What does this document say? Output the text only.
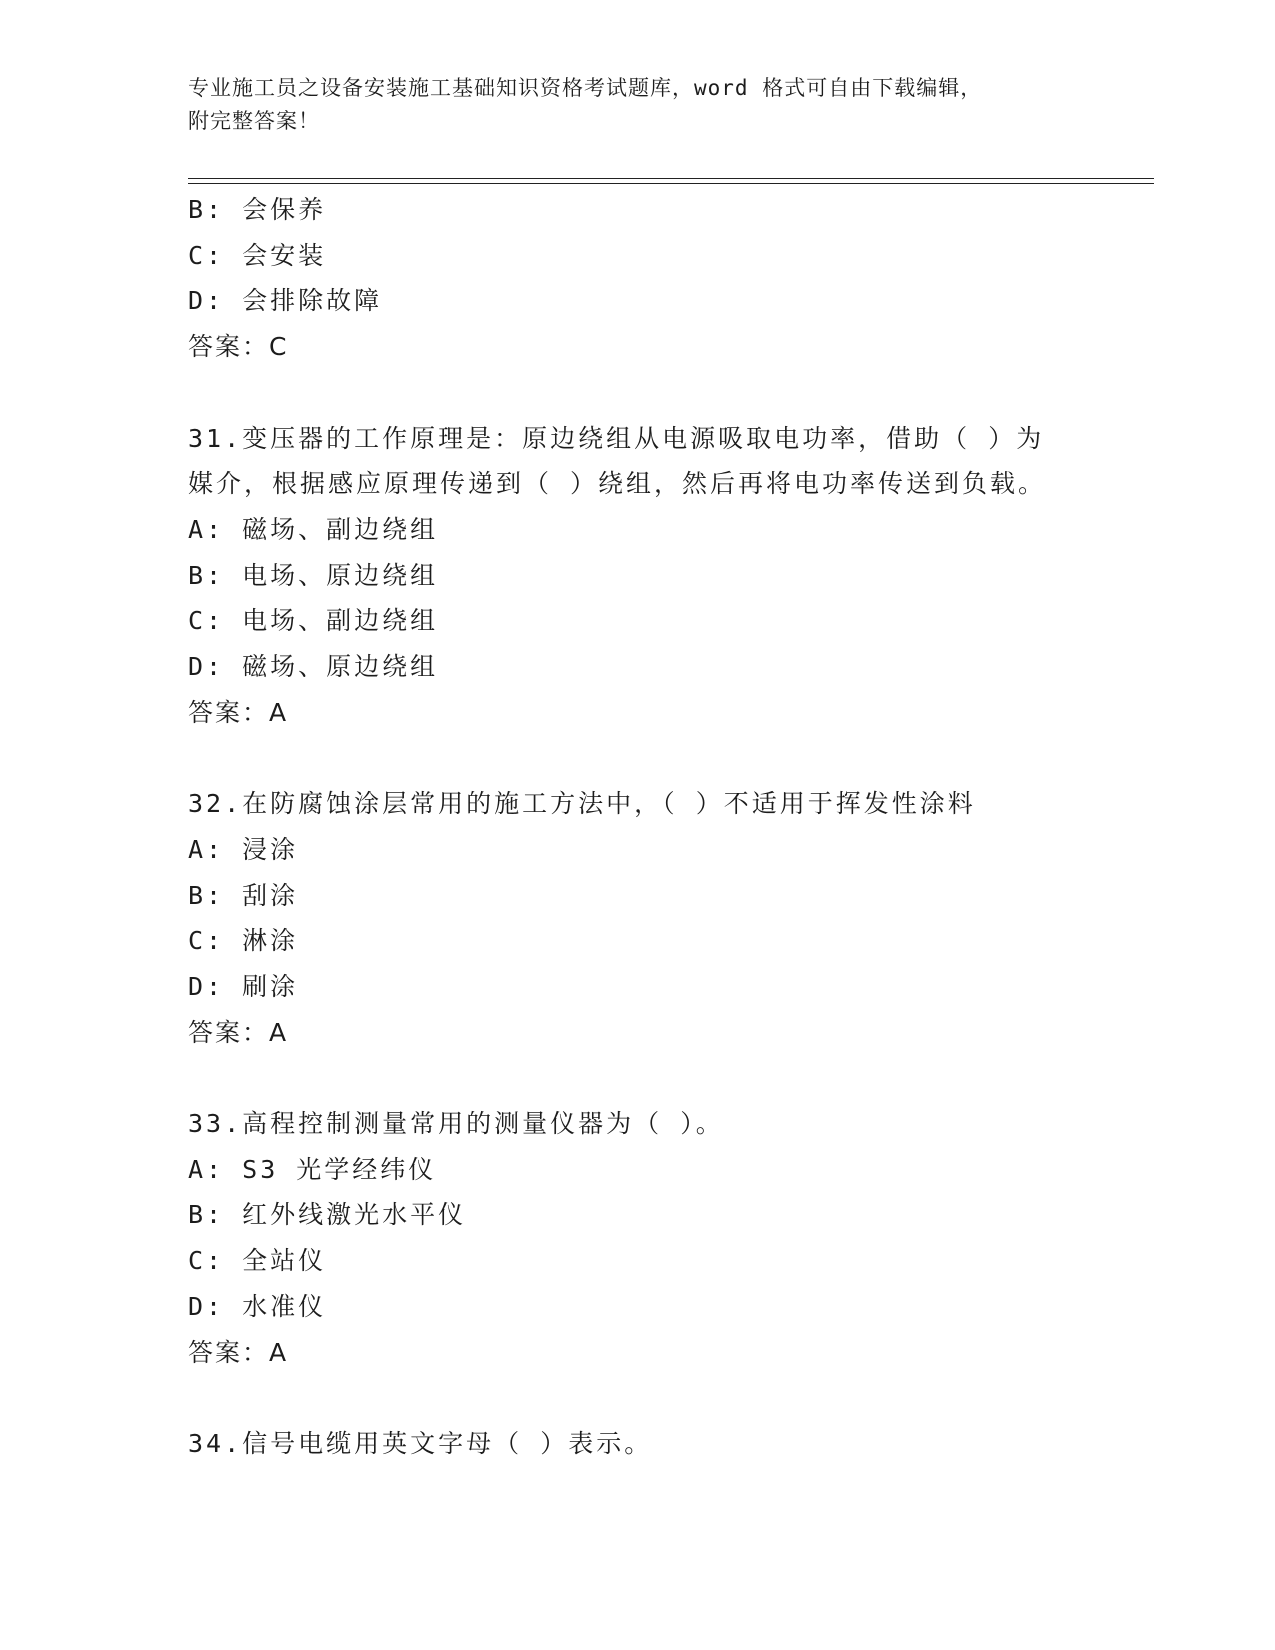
专业施工员之设备安装施工基础知识资格考试题库，word 格式可自由下载编辑，
附完整答案！
B: 会保养
C: 会安装
D: 会排除故障
答案：C
31.变压器的工作原理是：原边绕组从电源吸取电功率，借助（ ）为
媒介，根据感应原理传递到（ ）绕组，然后再将电功率传送到负载。
A: 磁场、副边绕组
B: 电场、原边绕组
C: 电场、副边绕组
D: 磁场、原边绕组
答案：A
32.在防腐蚀涂层常用的施工方法中，（ ）不适用于挥发性涂料
A: 浸涂
B: 刮涂
C: 淋涂
D: 刷涂
答案：A
33.高程控制测量常用的测量仪器为（ ）。
A: S3 光学经纬仪
B: 红外线激光水平仪
C: 全站仪
D: 水准仪
答案：A
34.信号电缆用英文字母（ ）表示。
